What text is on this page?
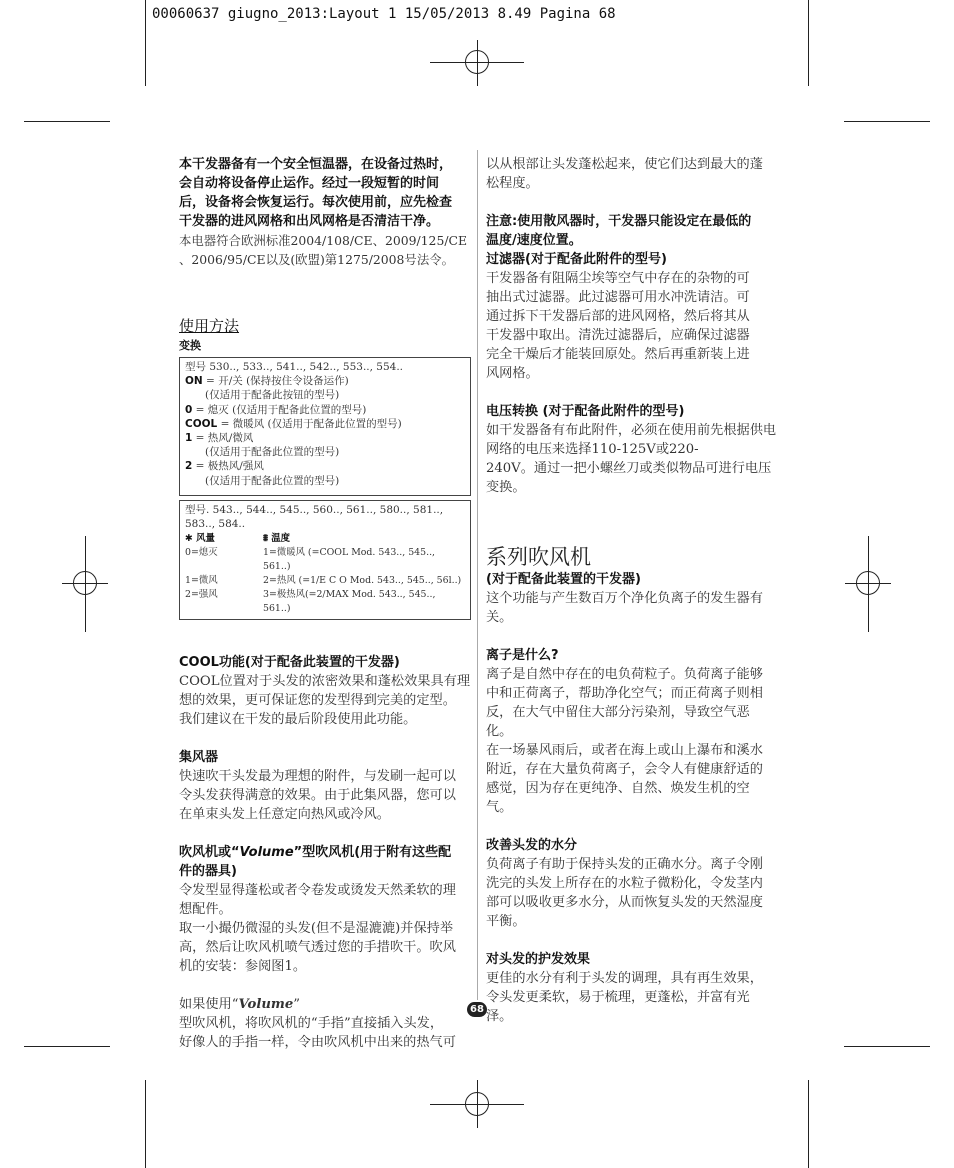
00060637 giugno_2013:Layout 1 15/05/2013 8.49 Pagina 68

本干发器备有一个安全恒温器，在设备过热时，

会自动将设备停止运作。经过一段短暂的时间

后，设备将会恢复运行。每次使用前，应先检查

干发器的进风网格和出风网格是否清洁干净。

本电器符合欧洲标准2004/108/CE、2009/125/CE

、2006/95/CE以及(欧盟)第1275/2008号法令。

使用方法

变换

型号 530.., 533.., 541.., 542.., 553.., 554..
ON = 开/关 (保持按住令设备运作)
(仅适用于配备此按钮的型号)
0 = 熄灭 (仅适用于配备此位置的型号)
COOL = 微暖风 (仅适用于配备此位置的型号)
1 = 热风/微风
(仅适用于配备此位置的型号)
2 = 极热风/强风
(仅适用于配备此位置的型号)
型号. 543.., 544.., 545.., 560.., 561.., 580.., 581.., 583.., 584..
✱ 风量	⩩ 温度
0=熄灭	1=微暖风 (=COOL Mod. 543.., 545.., 561..)
1=微风	2=热风 (=1/E C O Mod. 543.., 545.., 56l..)
2=强风	3=极热风(=2/MAX Mod. 543.., 545.., 561..)

COOL功能(对于配备此装置的干发器)

COOL位置对于头发的浓密效果和蓬松效果具有理

想的效果，更可保证您的发型得到完美的定型。

我们建议在干发的最后阶段使用此功能。

集风器

快速吹干头发最为理想的附件，与发刷一起可以

令头发获得满意的效果。由于此集风器，您可以

在单束头发上任意定向热风或冷风。

吹风机或“Volume”型吹风机(用于附有这些配

件的器具)

令发型显得蓬松或者令卷发或烫发天然柔软的理

想配件。

取一小撮仍微湿的头发(但不是湿漉漉)并保持举

高，然后让吹风机喷气透过您的手措吹干。吹风

机的安装：参阅图1。

如果使用“Volume”

型吹风机，将吹风机的“手指”直接插入头发，

好像人的手指一样，令由吹风机中出来的热气可

以从根部让头发蓬松起来，使它们达到最大的蓬

松程度。

注意:使用散风器时，干发器只能设定在最低的

温度/速度位置。

过滤器(对于配备此附件的型号)

干发器备有阻隔尘埃等空气中存在的杂物的可

抽出式过滤器。此过滤器可用水冲洗请洁。可

通过拆下干发器后部的进风网格，然后将其从

干发器中取出。清洗过滤器后，应确保过滤器

完全干燥后才能装回原处。然后再重新装上进

风网格。

电压转换 (对于配备此附件的型号)

如干发器备有布此附件，必须在使用前先根据供电

网络的电压来选择110-125V或220-

240V。通过一把小螺丝刀或类似物品可进行电压

变换。

系列吹风机

(对于配备此装置的干发器)

这个功能与产生数百万个净化负离子的发生器有

关。

离子是什么?

离子是自然中存在的电负荷粒子。负荷离子能够

中和正荷离子，帮助净化空气；而正荷离子则相

反，在大气中留住大部分污染剂，导致空气恶

化。

在一场暴风雨后，或者在海上或山上瀑布和溪水

附近，存在大量负荷离子，会令人有健康舒适的

感觉，因为存在更纯净、自然、焕发生机的空

气。

改善头发的水分

负荷离子有助于保持头发的正确水分。离子令刚

洗完的头发上所存在的水粒子微粉化，令发茎内

部可以吸收更多水分，从而恢复头发的天然湿度

平衡。

对头发的护发效果

更佳的水分有利于头发的调理，具有再生效果，

令头发更柔软，易于梳理，更蓬松，并富有光

泽。

68
